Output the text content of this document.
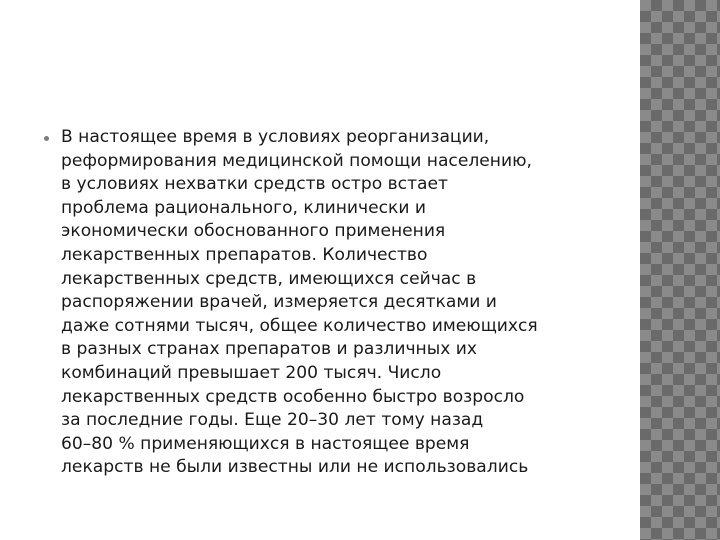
В настоящее время в условиях реорганизации,
реформирования медицинской помощи населению,
в условиях нехватки средств остро встает
проблема рационального, клинически и
экономически обоснованного применения
лекарственных препаратов. Количество
лекарственных средств, имеющихся сейчас в
распоряжении врачей, измеряется десятками и
даже сотнями тысяч, общее количество имеющихся
в разных странах препаратов и различных их
комбинаций превышает 200 тысяч. Число
лекарственных средств особенно быстро возросло
за последние годы. Еще 20–30 лет тому назад
60–80 % применяющихся в настоящее время
лекарств не были известны или не использовались
